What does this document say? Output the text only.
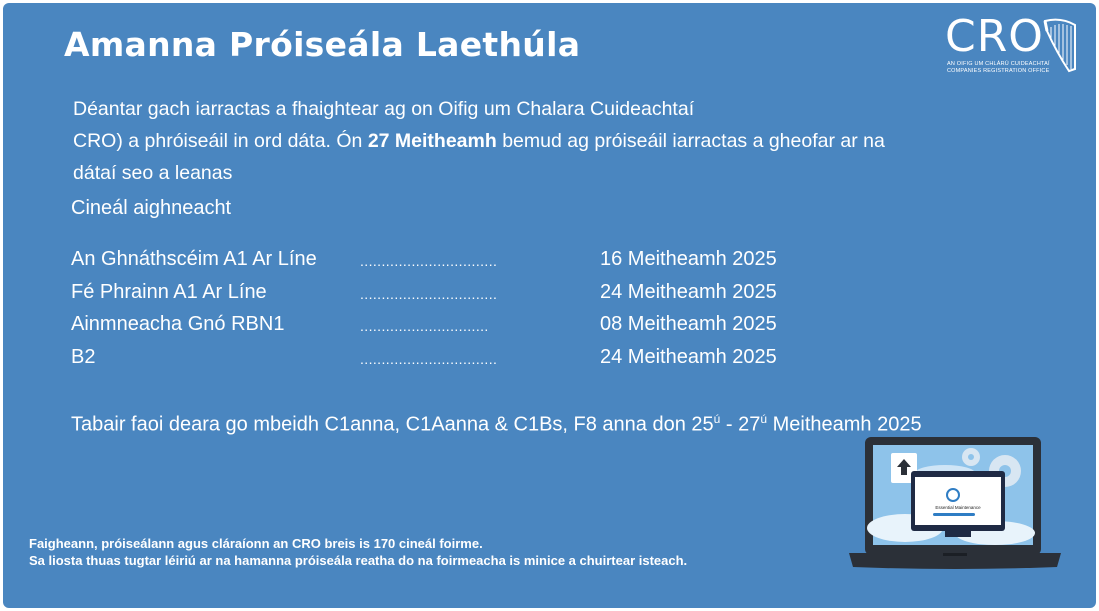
Amanna Próiseála Laethúla	CRO
AN OIFIG UM CHLÁRÚ CUIDEACHTAÍ
COMPANIES REGISTRATION OFFICE

Déantar gach iarractas a fhaightear ag on Oifig um Chalara Cuideachtaí

CRO) a phróiseáil in ord dáta. Ón 27 Meitheamh bemud ag próiseáil iarractas a gheofar ar na

dátaí seo a leanas

Cineál aighneacht
An Ghnáthscéim A1 Ar Líne	................................	16 Meitheamh 2025
Fé Phrainn A1 Ar Líne	................................	24 Meitheamh 2025
Ainmneacha Gnó RBN1	..............................	08 Meitheamh 2025
B2	................................	24 Meitheamh 2025
Tabair faoi deara go mbeidh C1anna, C1Aanna & C1Bs, F8 anna don $25^ú - 27^ú$ Meitheamh 2025

Faigheann, próiseálann agus cláraíonn an CRO breis is 170 cineál foirme.

Sa liosta thuas tugtar léiriú ar na hamanna próiseála reatha do na foirmeacha is minice a chuirtear isteach.

Essential Maintenance
